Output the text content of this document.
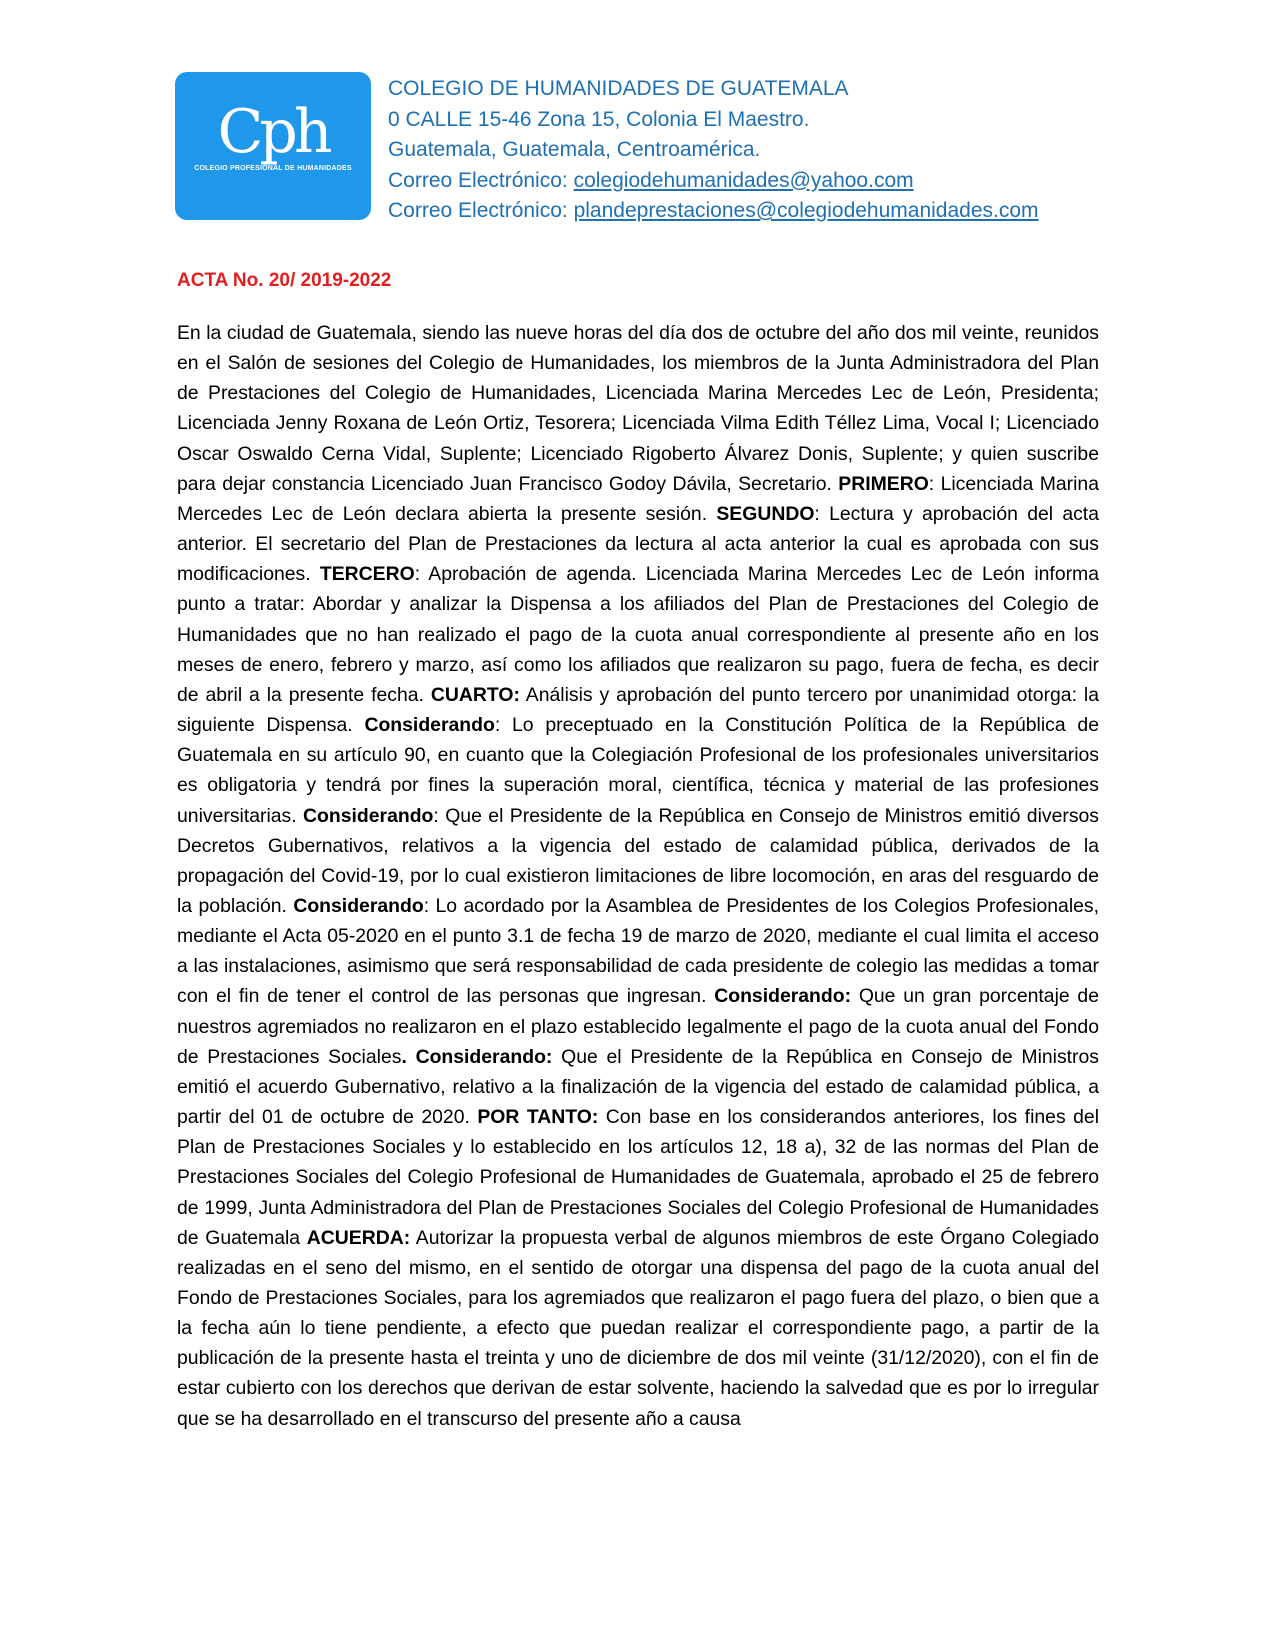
Cph
COLEGIO PROFESIONAL DE HUMANIDADES
COLEGIO DE HUMANIDADES DE GUATEMALA
0 CALLE 15-46 Zona 15, Colonia El Maestro.
Guatemala, Guatemala, Centroamérica.
Correo Electrónico: colegiodehumanidades@yahoo.com
Correo Electrónico: plandeprestaciones@colegiodehumanidades.com
ACTA No. 20/ 2019-2022
En la ciudad de Guatemala, siendo las nueve horas del día dos de octubre del año dos mil veinte, reunidos en el Salón de sesiones del Colegio de Humanidades, los miembros de la Junta Administradora del Plan de Prestaciones del Colegio de Humanidades, Licenciada Marina Mercedes Lec de León, Presidenta; Licenciada Jenny Roxana de León Ortiz, Tesorera; Licenciada Vilma Edith Téllez Lima, Vocal I; Licenciado Oscar Oswaldo Cerna Vidal, Suplente; Licenciado Rigoberto Álvarez Donis, Suplente; y quien suscribe para dejar constancia Licenciado Juan Francisco Godoy Dávila, Secretario. PRIMERO: Licenciada Marina Mercedes Lec de León declara abierta la presente sesión. SEGUNDO: Lectura y aprobación del acta anterior. El secretario del Plan de Prestaciones da lectura al acta anterior la cual es aprobada con sus modificaciones. TERCERO: Aprobación de agenda. Licenciada Marina Mercedes Lec de León informa punto a tratar: Abordar y analizar la Dispensa a los afiliados del Plan de Prestaciones del Colegio de Humanidades que no han realizado el pago de la cuota anual correspondiente al presente año en los meses de enero, febrero y marzo, así como los afiliados que realizaron su pago, fuera de fecha, es decir de abril a la presente fecha. CUARTO: Análisis y aprobación del punto tercero por unanimidad otorga: la siguiente Dispensa. Considerando: Lo preceptuado en la Constitución Política de la República de Guatemala en su artículo 90, en cuanto que la Colegiación Profesional de los profesionales universitarios es obligatoria y tendrá por fines la superación moral, científica, técnica y material de las profesiones universitarias. Considerando: Que el Presidente de la República en Consejo de Ministros emitió diversos Decretos Gubernativos, relativos a la vigencia del estado de calamidad pública, derivados de la propagación del Covid-19, por lo cual existieron limitaciones de libre locomoción, en aras del resguardo de la población. Considerando: Lo acordado por la Asamblea de Presidentes de los Colegios Profesionales, mediante el Acta 05-2020 en el punto 3.1 de fecha 19 de marzo de 2020, mediante el cual limita el acceso a las instalaciones, asimismo que será responsabilidad de cada presidente de colegio las medidas a tomar con el fin de tener el control de las personas que ingresan. Considerando: Que un gran porcentaje de nuestros agremiados no realizaron en el plazo establecido legalmente el pago de la cuota anual del Fondo de Prestaciones Sociales. Considerando: Que el Presidente de la República en Consejo de Ministros emitió el acuerdo Gubernativo, relativo a la finalización de la vigencia del estado de calamidad pública, a partir del 01 de octubre de 2020. POR TANTO: Con base en los considerandos anteriores, los fines del Plan de Prestaciones Sociales y lo establecido en los artículos 12, 18 a), 32 de las normas del Plan de Prestaciones Sociales del Colegio Profesional de Humanidades de Guatemala, aprobado el 25 de febrero de 1999, Junta Administradora del Plan de Prestaciones Sociales del Colegio Profesional de Humanidades de Guatemala ACUERDA: Autorizar la propuesta verbal de algunos miembros de este Órgano Colegiado realizadas en el seno del mismo, en el sentido de otorgar una dispensa del pago de la cuota anual del Fondo de Prestaciones Sociales, para los agremiados que realizaron el pago fuera del plazo, o bien que a la fecha aún lo tiene pendiente, a efecto que puedan realizar el correspondiente pago, a partir de la publicación de la presente hasta el treinta y uno de diciembre de dos mil veinte (31/12/2020), con el fin de estar cubierto con los derechos que derivan de estar solvente, haciendo la salvedad que es por lo irregular que se ha desarrollado en el transcurso del presente año a causa
